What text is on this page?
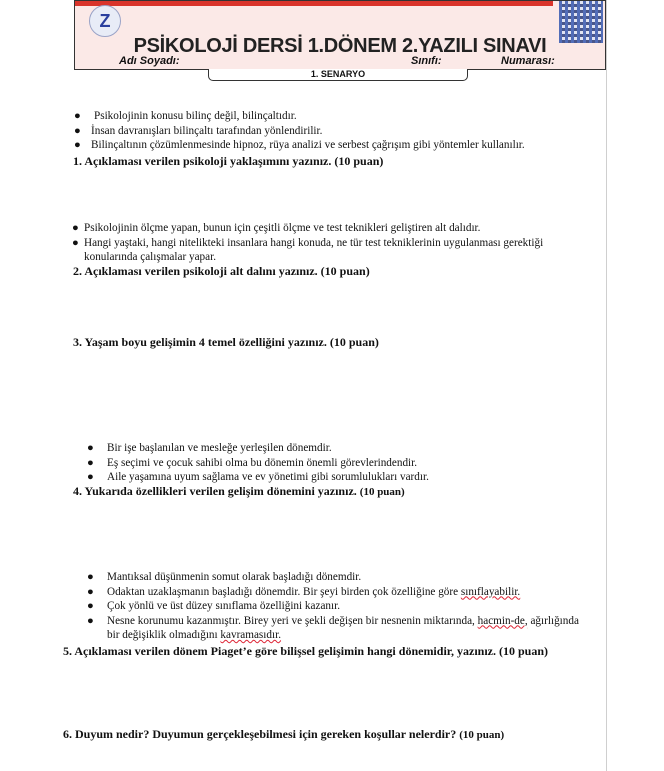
Z
PSİKOLOJİ DERSİ 1.DÖNEM 2.YAZILI SINAVI
Adı Soyadı:	Sınıfı:	Numarası:
1. SENARYO
● Psikolojinin konusu bilinç değil, bilinçaltıdır.
● İnsan davranışları bilinçaltı tarafından yönlendirilir.
● Bilinçaltının çözümlenmesinde hipnoz, rüya analizi ve serbest çağrışım gibi yöntemler kullanılır.
1. Açıklaması verilen psikoloji yaklaşımını yazınız. (10 puan)
● Psikolojinin ölçme yapan, bunun için çeşitli ölçme ve test teknikleri geliştiren alt dalıdır.
● Hangi yaştaki, hangi nitelikteki insanlara hangi konuda, ne tür test tekniklerinin uygulanması gerektiği
konularında çalışmalar yapar.
2. Açıklaması verilen psikoloji alt dalını yazınız. (10 puan)
3. Yaşam boyu gelişimin 4 temel özelliğini yazınız. (10 puan)
● Bir işe başlanılan ve mesleğe yerleşilen dönemdir.
● Eş seçimi ve çocuk sahibi olma bu dönemin önemli görevlerindendir.
● Aile yaşamına uyum sağlama ve ev yönetimi gibi sorumlulukları vardır.
4. Yukarıda özellikleri verilen gelişim dönemini yazınız. (10 puan)
● Mantıksal düşünmenin somut olarak başladığı dönemdir.
● Odaktan uzaklaşmanın başladığı dönemdir. Bir şeyi birden çok özelliğine göre sınıflayabilir.
● Çok yönlü ve üst düzey sınıflama özelliğini kazanır.
● Nesne korunumu kazanmıştır. Birey yeri ve şekli değişen bir nesnenin miktarında, hacmin-de, ağırlığında
bir değişiklik olmadığını kavramasıdır.
5. Açıklaması verilen dönem Piaget’e göre bilişsel gelişimin hangi dönemidir, yazınız. (10 puan)
6. Duyum nedir? Duyumun gerçekleşebilmesi için gereken koşullar nelerdir? (10 puan)
